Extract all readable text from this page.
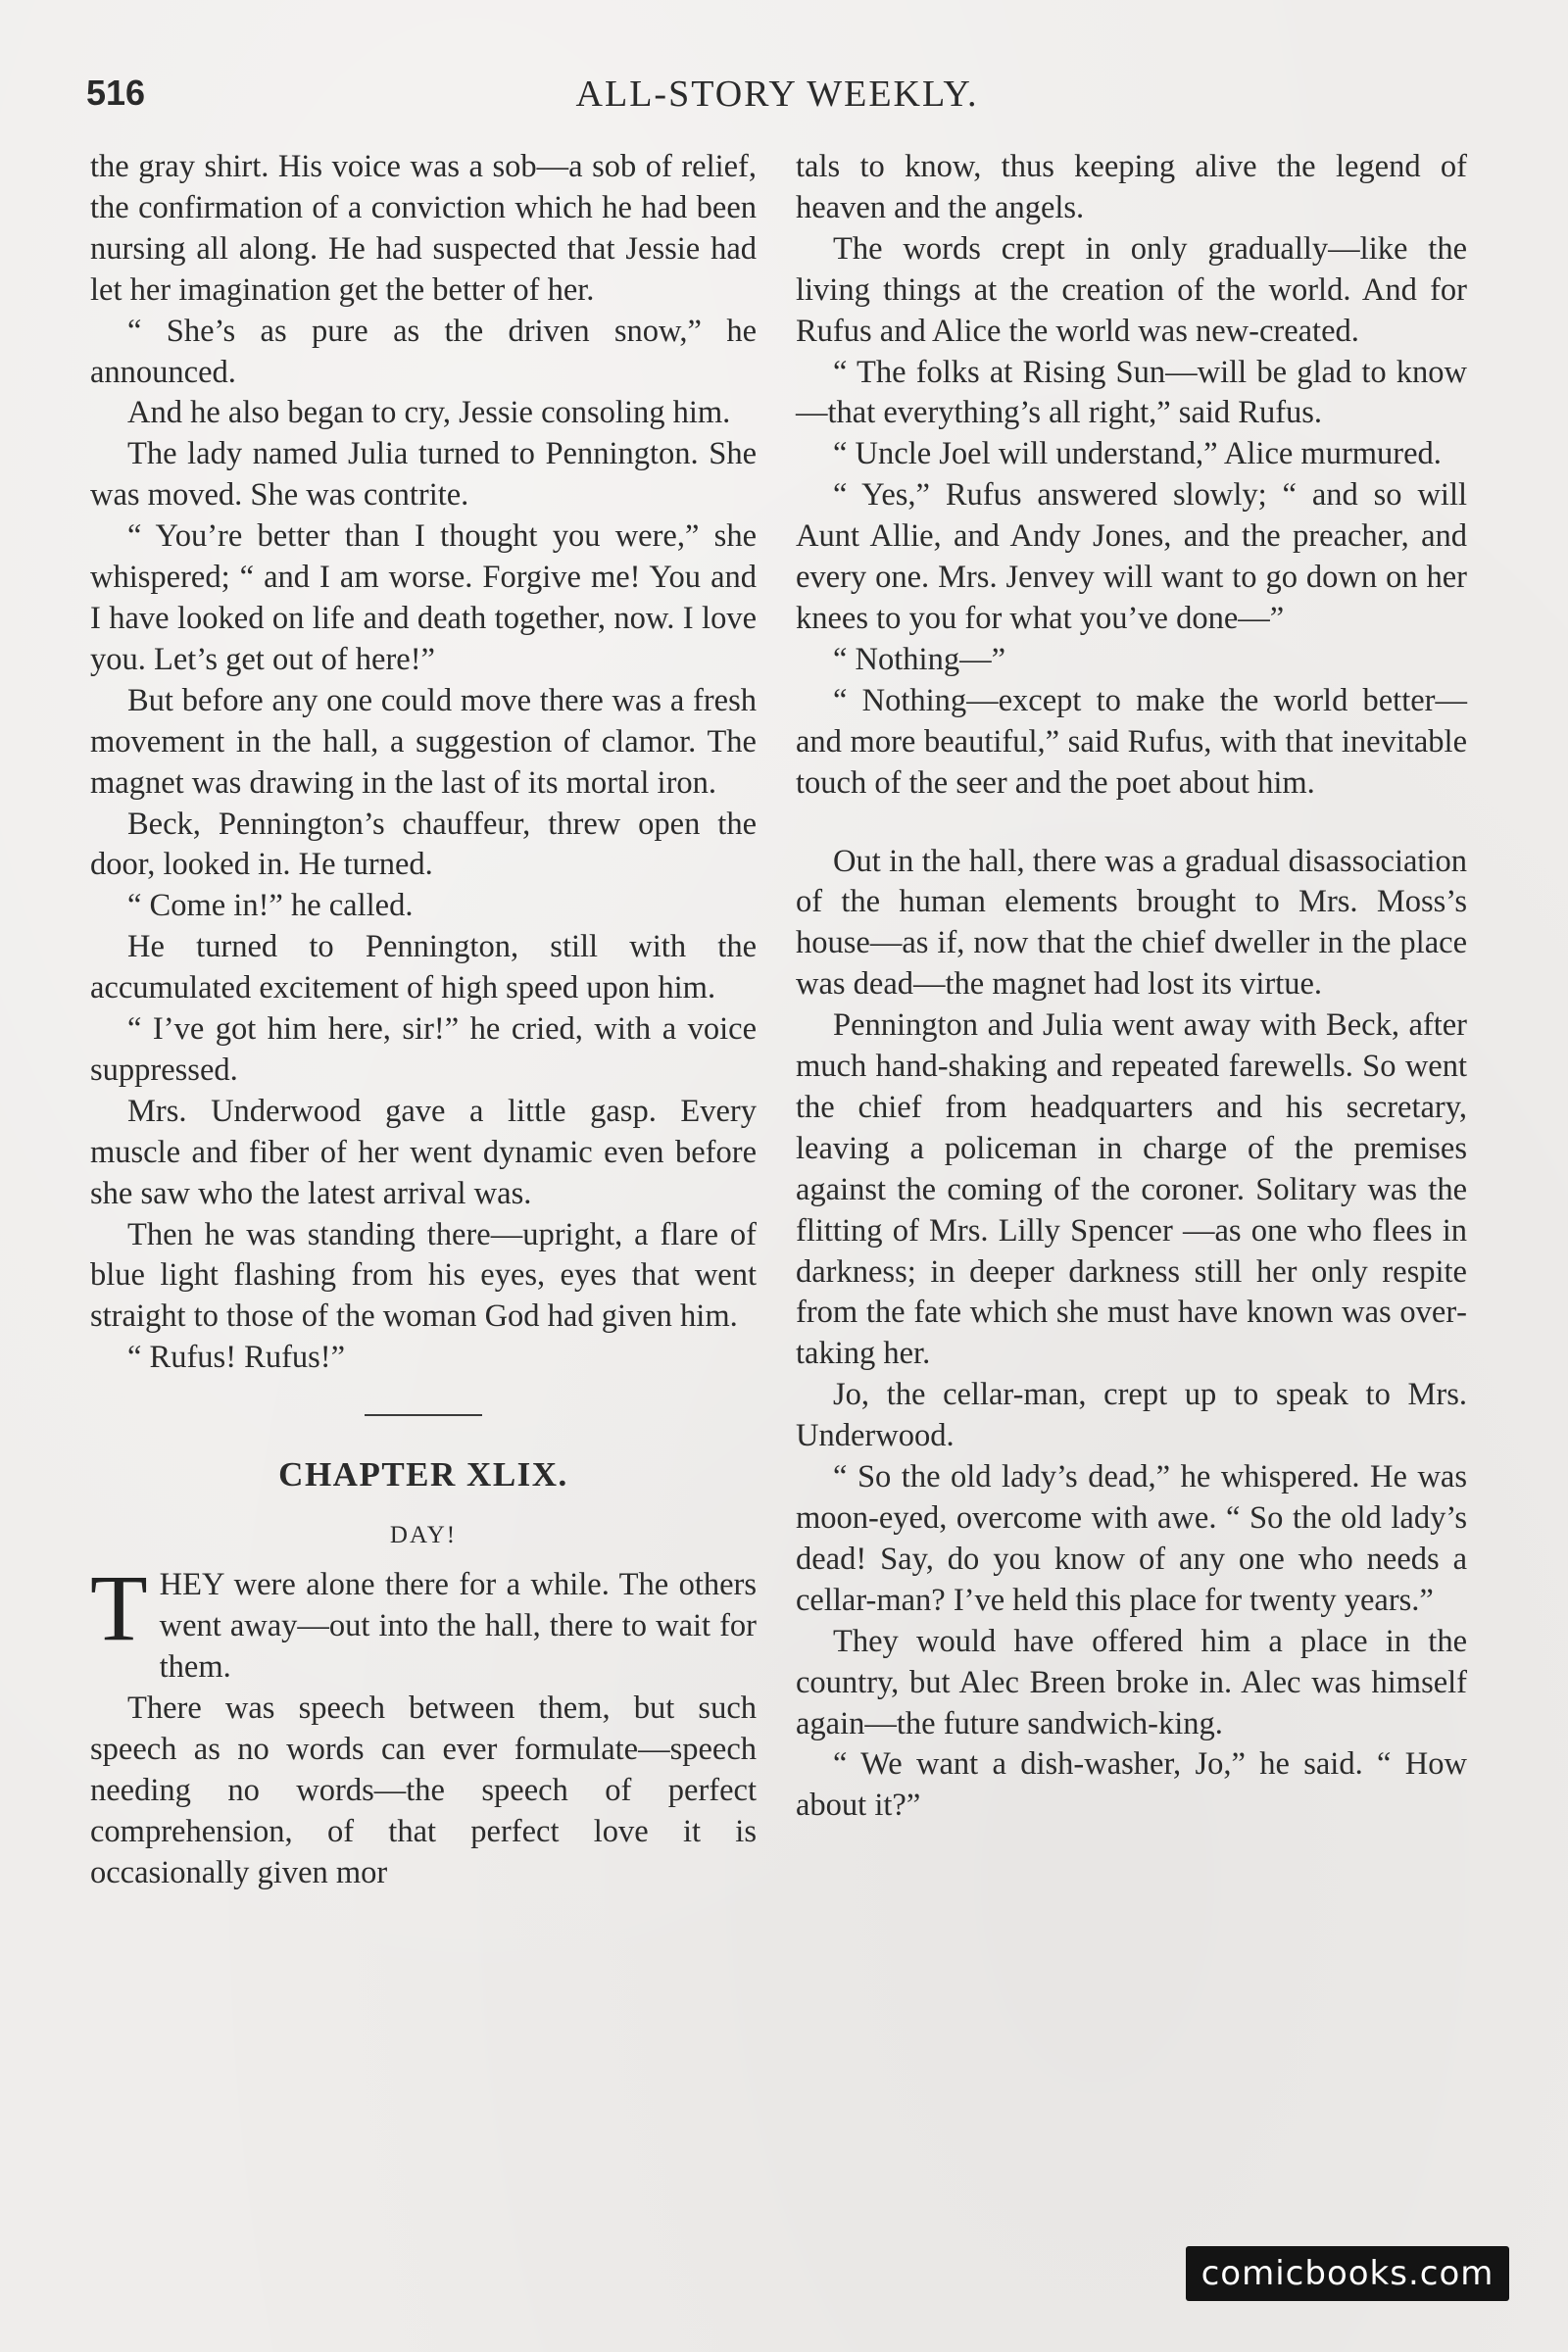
516	ALL-STORY WEEKLY.

the gray shirt. His voice was a sob—a sob of relief, the confirmation of a conviction which he had been nursing all along. He had suspected that Jessie had let her imagination get the better of her.

“ She’s as pure as the driven snow,” he announced.

And he also began to cry, Jessie consoling him.

The lady named Julia turned to Pennington. She was moved. She was contrite.

“ You’re better than I thought you were,” she whispered; “ and I am worse. Forgive me! You and I have looked on life and death together, now. I love you. Let’s get out of here!”

But before any one could move there was a fresh movement in the hall, a suggestion of clamor. The magnet was drawing in the last of its mortal iron.

Beck, Pennington’s chauffeur, threw open the door, looked in. He turned.

“ Come in!” he called.

He turned to Pennington, still with the accumulated excitement of high speed upon him.

“ I’ve got him here, sir!” he cried, with a voice suppressed.

Mrs. Underwood gave a little gasp. Every muscle and fiber of her went dynamic even before she saw who the latest arrival was.

Then he was standing there—upright, a flare of blue light flashing from his eyes, eyes that went straight to those of the woman God had given him.

“ Rufus! Rufus!”

CHAPTER XLIX.
DAY!

THEY were alone there for a while. The others went away—out into the hall, there to wait for them.

There was speech between them, but such speech as no words can ever formulate—speech needing no words—the speech of perfect comprehension, of that perfect love it is occasionally given mor

tals to know, thus keeping alive the legend of heaven and the angels.

The words crept in only gradually—like the living things at the creation of the world. And for Rufus and Alice the world was new-created.

“ The folks at Rising Sun—will be glad to know—that everything’s all right,” said Rufus.

“ Uncle Joel will understand,” Alice murmured.

“ Yes,” Rufus answered slowly; “ and so will Aunt Allie, and Andy Jones, and the preacher, and every one. Mrs. Jenvey will want to go down on her knees to you for what you’ve done—”

“ Nothing—”

“ Nothing—except to make the world better—and more beautiful,” said Rufus, with that inevitable touch of the seer and the poet about him.

Out in the hall, there was a gradual disassociation of the human elements brought to Mrs. Moss’s house—as if, now that the chief dweller in the place was dead—the magnet had lost its virtue.

Pennington and Julia went away with Beck, after much hand-shaking and repeated farewells. So went the chief from headquarters and his secretary, leaving a policeman in charge of the premises against the coming of the coroner. Solitary was the flitting of Mrs. Lilly Spencer —as one who flees in darkness; in deeper darkness still her only respite from the fate which she must have known was overtaking her.

Jo, the cellar-man, crept up to speak to Mrs. Underwood.

“ So the old lady’s dead,” he whispered. He was moon-eyed, overcome with awe. “ So the old lady’s dead! Say, do you know of any one who needs a cellar-man? I’ve held this place for twenty years.”

They would have offered him a place in the country, but Alec Breen broke in. Alec was himself again—the future sandwich-king.

“ We want a dish-washer, Jo,” he said. “ How about it?”

comicbooks.com
